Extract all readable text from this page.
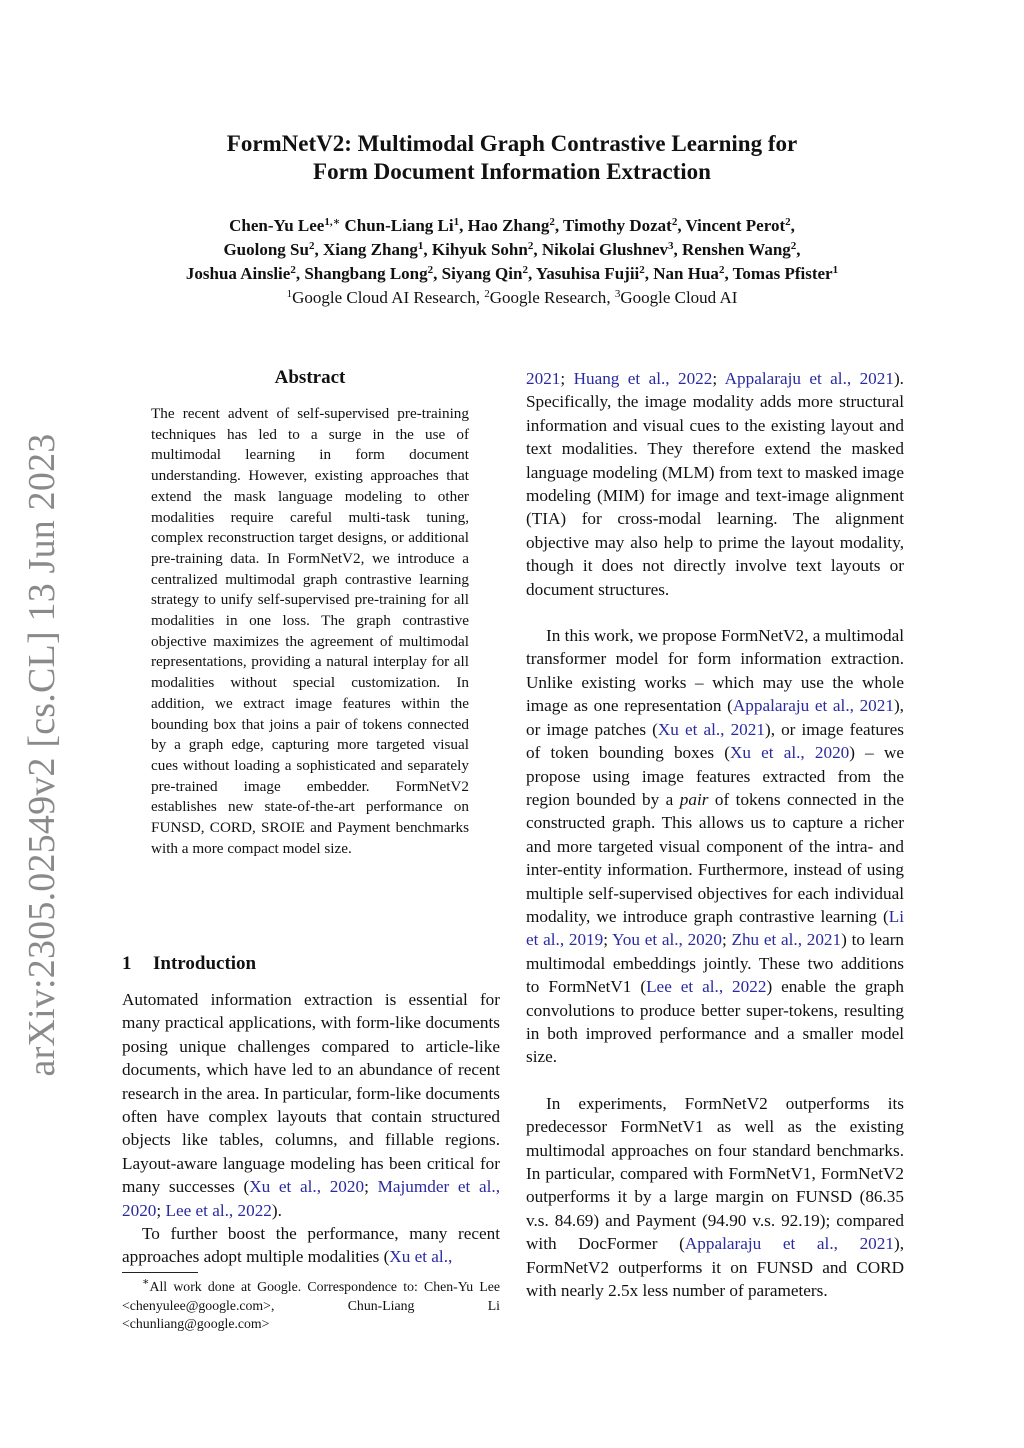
FormNetV2: Multimodal Graph Contrastive Learning for
Form Document Information Extraction
Chen-Yu Lee$^{1,∗}$ Chun-Liang Li$^1$, Hao Zhang$^2$, Timothy Dozat$^2$, Vincent Perot$^2$,
Guolong Su$^2$, Xiang Zhang$^1$, Kihyuk Sohn$^2$, Nikolai Glushnev$^3$, Renshen Wang$^2$,
Joshua Ainslie$^2$, Shangbang Long$^2$, Siyang Qin$^2$, Yasuhisa Fujii$^2$, Nan Hua$^2$, Tomas Pfister$^1$
$^1$Google Cloud AI Research, $^2$Google Research, $^3$Google Cloud AI
arXiv:2305.02549v2 [cs.CL] 13 Jun 2023
Abstract
The recent advent of self-supervised pre-training techniques has led to a surge in the use of multimodal learning in form document understanding. However, existing approaches that extend the mask language modeling to other modalities require careful multi-task tuning, complex reconstruction target designs, or additional pre-training data. In FormNetV2, we introduce a centralized multimodal graph contrastive learning strategy to unify self-supervised pre-training for all modalities in one loss. The graph contrastive objective maximizes the agreement of multimodal representations, providing a natural interplay for all modalities without special customization. In addition, we extract image features within the bounding box that joins a pair of tokens connected by a graph edge, capturing more targeted visual cues without loading a sophisticated and separately pre-trained image embedder. FormNetV2 establishes new state-of-the-art performance on FUNSD, CORD, SROIE and Payment benchmarks with a more compact model size.
1 Introduction

Automated information extraction is essential for many practical applications, with form-like documents posing unique challenges compared to article-like documents, which have led to an abundance of recent research in the area. In particular, form-like documents often have complex layouts that contain structured objects like tables, columns, and fillable regions. Layout-aware language modeling has been critical for many successes (Xu et al., 2020; Majumder et al., 2020; Lee et al., 2022).

To further boost the performance, many recent approaches adopt multiple modalities (Xu et al.,

∗All work done at Google. Correspondence to: Chen-Yu Lee <chenyulee@google.com>, Chun-Liang Li <chunliang@google.com>

2021; Huang et al., 2022; Appalaraju et al., 2021). Specifically, the image modality adds more structural information and visual cues to the existing layout and text modalities. They therefore extend the masked language modeling (MLM) from text to masked image modeling (MIM) for image and text-image alignment (TIA) for cross-modal learning. The alignment objective may also help to prime the layout modality, though it does not directly involve text layouts or document structures.

In this work, we propose FormNetV2, a multimodal transformer model for form information extraction. Unlike existing works – which may use the whole image as one representation (Appalaraju et al., 2021), or image patches (Xu et al., 2021), or image features of token bounding boxes (Xu et al., 2020) – we propose using image features extracted from the region bounded by a pair of tokens connected in the constructed graph. This allows us to capture a richer and more targeted visual component of the intra- and inter-entity information. Furthermore, instead of using multiple self-supervised objectives for each individual modality, we introduce graph contrastive learning (Li et al., 2019; You et al., 2020; Zhu et al., 2021) to learn multimodal embeddings jointly. These two additions to FormNetV1 (Lee et al., 2022) enable the graph convolutions to produce better super-tokens, resulting in both improved performance and a smaller model size.

In experiments, FormNetV2 outperforms its predecessor FormNetV1 as well as the existing multimodal approaches on four standard benchmarks. In particular, compared with FormNetV1, FormNetV2 outperforms it by a large margin on FUNSD (86.35 v.s. 84.69) and Payment (94.90 v.s. 92.19); compared with DocFormer (Appalaraju et al., 2021), FormNetV2 outperforms it on FUNSD and CORD with nearly 2.5x less number of parameters.
